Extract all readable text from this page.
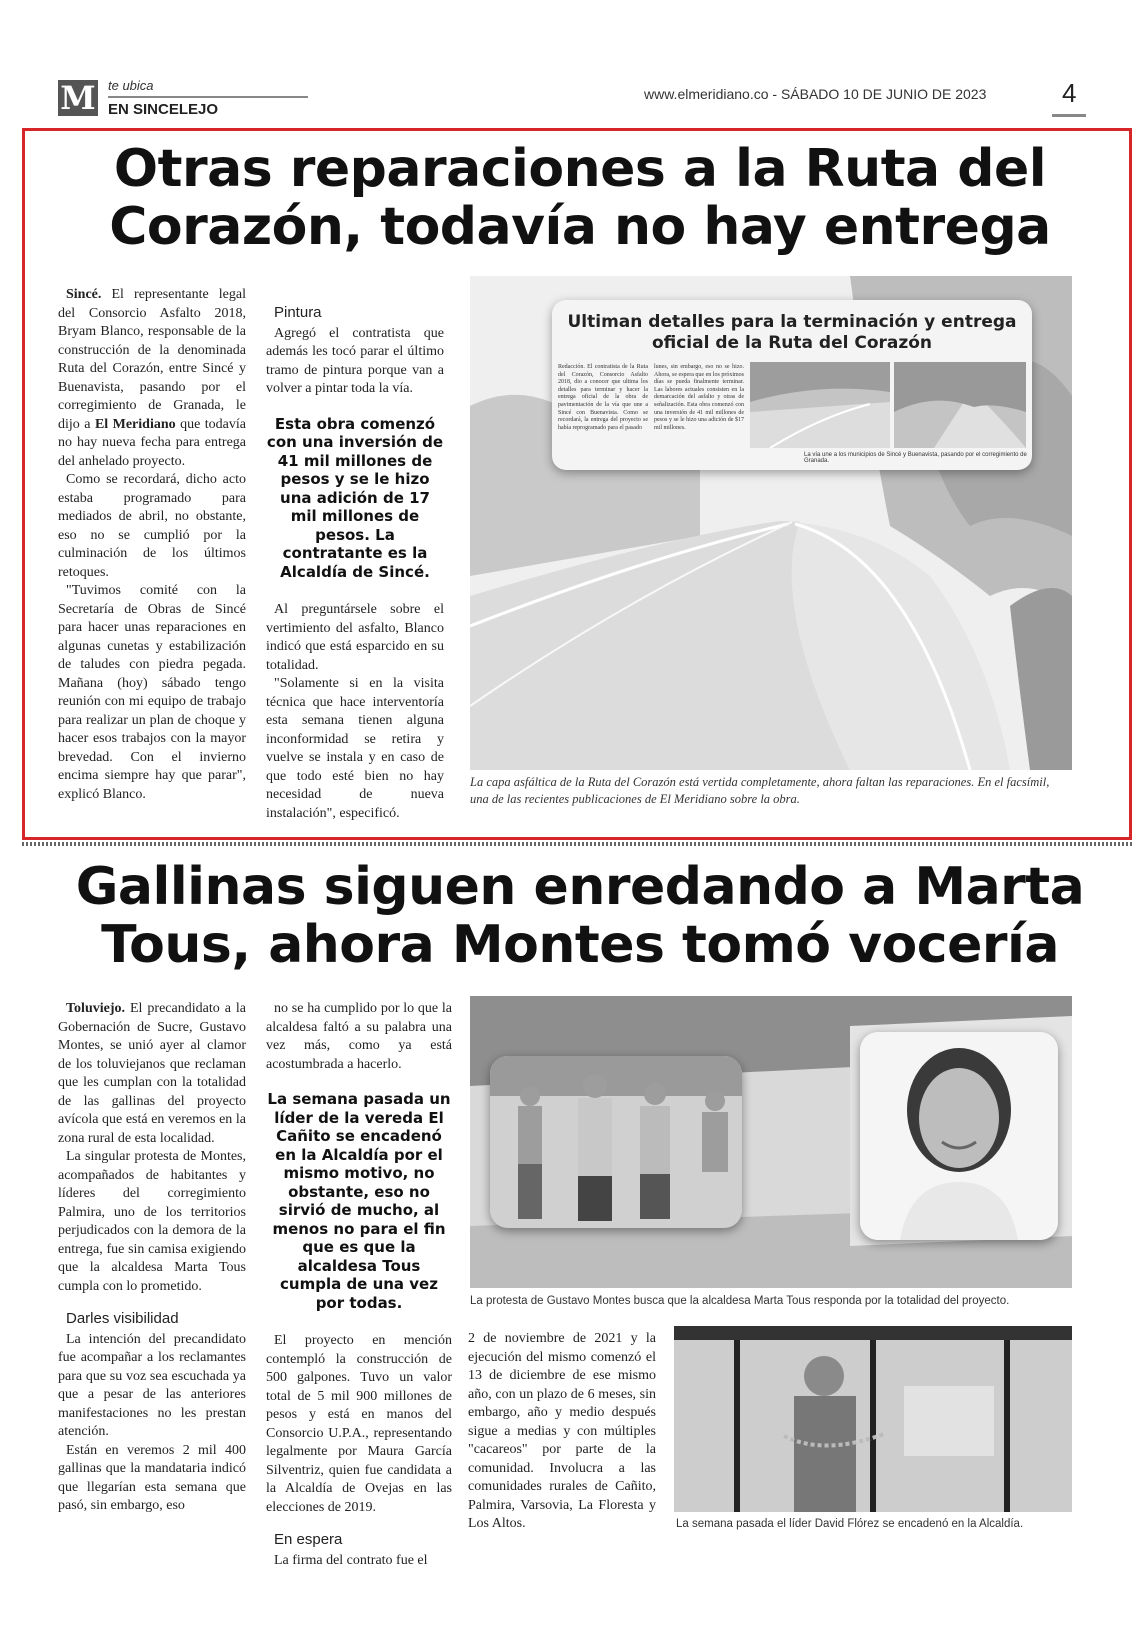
M te ubica
EN SINCELEJO
www.elmeridiano.co - SÁBADO 10 DE JUNIO DE 2023	4
Otras reparaciones a la Ruta del Corazón, todavía no hay entrega

Sincé. El representante legal del Consorcio Asfalto 2018, Bryam Blanco, responsable de la construcción de la denominada Ruta del Corazón, entre Sincé y Buenavista, pasando por el corregimiento de Granada, le dijo a El Meridiano que todavía no hay nueva fecha para entrega del anhelado proyecto.

Como se recordará, dicho acto estaba programado para mediados de abril, no obstante, eso no se cumplió por la culminación de los últimos retoques.

"Tuvimos comité con la Secretaría de Obras de Sincé para hacer unas reparaciones en algunas cunetas y estabilización de taludes con piedra pegada. Mañana (hoy) sábado tengo reunión con mi equipo de trabajo para realizar un plan de choque y hacer esos trabajos con la mayor brevedad. Con el invierno encima siempre hay que parar", explicó Blanco.

Pintura

Agregó el contratista que además les tocó parar el último tramo de pintura porque van a volver a pintar toda la vía.

Esta obra comenzó con una inversión de 41 mil millones de pesos y se le hizo una adición de 17 mil millones de pesos. La contratante es la Alcaldía de Sincé.

Al preguntársele sobre el vertimiento del asfalto, Blanco indicó que está esparcido en su totalidad.

"Solamente si en la visita técnica que hace interventoría esta semana tienen alguna inconformidad se retira y vuelve se instala y en caso de que todo esté bien no hay necesidad de nueva instalación", especificó.

Ultiman detalles para la terminación y entrega oficial de la Ruta del Corazón
Redacción. El contratista de la Ruta del Corazón, Consorcio Asfalto 2018, dio a conocer que ultima los detalles para terminar y hacer la entrega oficial de la obra de pavimentación de la vía que une a Sincé con Buenavista. Como se recordará, la entrega del proyecto se había reprogramado para el pasado
lunes, sin embargo, eso no se hizo. Ahora, se espera que en los próximos días se pueda finalmente terminar. Las labores actuales consisten en la demarcación del asfalto y otras de señalización. Esta obra comenzó con una inversión de 41 mil millones de pesos y se le hizo una adición de $17 mil millones.
La vía une a los municipios de Sincé y Buenavista, pasando por el corregimiento de Granada.
La capa asfáltica de la Ruta del Corazón está vertida completamente, ahora faltan las reparaciones. En el facsímil, una de las recientes publicaciones de El Meridiano sobre la obra.
Gallinas siguen enredando a Marta Tous, ahora Montes tomó vocería

Toluviejo. El precandidato a la Gobernación de Sucre, Gustavo Montes, se unió ayer al clamor de los toluviejanos que reclaman que les cumplan con la totalidad de las gallinas del proyecto avícola que está en veremos en la zona rural de esta localidad.

La singular protesta de Montes, acompañados de habitantes y líderes del corregimiento Palmira, uno de los territorios perjudicados con la demora de la entrega, fue sin camisa exigiendo que la alcaldesa Marta Tous cumpla con lo prometido.

Darles visibilidad

La intención del precandidato fue acompañar a los reclamantes para que su voz sea escuchada ya que a pesar de las anteriores manifestaciones no les prestan atención.

Están en veremos 2 mil 400 gallinas que la mandataria indicó que llegarían esta semana que pasó, sin embargo, eso

no se ha cumplido por lo que la alcaldesa faltó a su palabra una vez más, como ya está acostumbrada a hacerlo.

La semana pasada un líder de la vereda El Cañito se encadenó en la Alcaldía por el mismo motivo, no obstante, eso no sirvió de mucho, al menos no para el fin que es que la alcaldesa Tous cumpla de una vez por todas.

El proyecto en mención contempló la construcción de 500 galpones. Tuvo un valor total de 5 mil 900 millones de pesos y está en manos del Consorcio U.P.A., representando legalmente por Maura García Silventriz, quien fue candidata a la Alcaldía de Ovejas en las elecciones de 2019.

En espera

La firma del contrato fue el

La protesta de Gustavo Montes busca que la alcaldesa Marta Tous responda por la totalidad del proyecto.

2 de noviembre de 2021 y la ejecución del mismo comenzó el 13 de diciembre de ese mismo año, con un plazo de 6 meses, sin embargo, año y medio después sigue a medias y con múltiples "cacareos" por parte de la comunidad. Involucra a las comunidades rurales de Cañito, Palmira, Varsovia, La Floresta y Los Altos.	La semana pasada el líder David Flórez se encadenó en la Alcaldía.
